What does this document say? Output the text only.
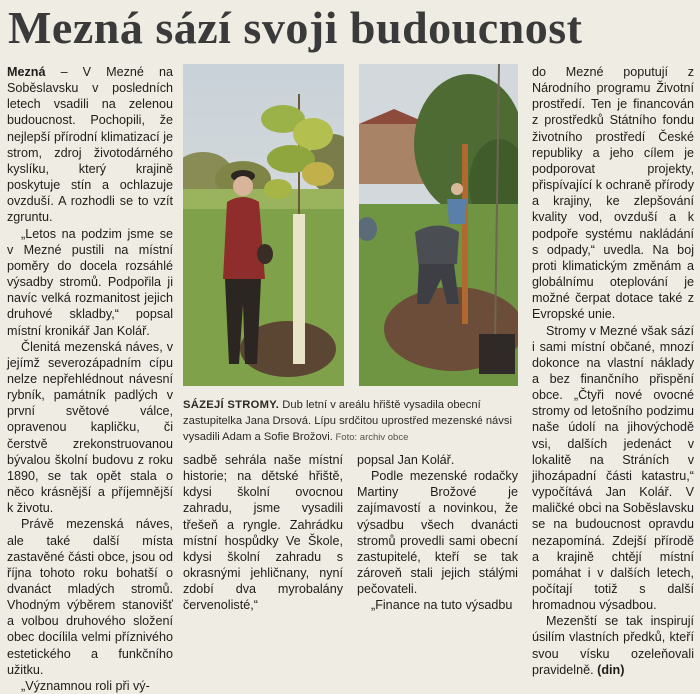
Mezná sází svoji budoucnost

Mezná – V Mezné na Soběslavsku v posledních letech vsadili na zelenou budoucnost. Pochopili, že nejlepší přírodní klimatizací je strom, zdroj životodárného kyslíku, který krajině poskytuje stín a ochlazuje ovzduší. A rozhodli se to vzít zgruntu.

„Letos na podzim jsme se v Mezné pustili na místní poměry do docela rozsáhlé výsadby stromů. Podpořila ji navíc velká rozmanitost jejich druhové skladby,“ popsal místní kronikář Jan Kolář.

Členitá mezenská náves, v jejímž severozápadním cípu nelze nepřehlédnout návesní rybník, památník padlých v první světové válce, opravenou kapličku, či čerstvě zrekonstruovanou bývalou školní budovu z roku 1890, se tak opět stala o něco krásnější a příjemnější k životu.

Právě mezenská náves, ale také další místa zastavěné části obce, jsou od října tohoto roku bohatší o dvanáct mladých stromů. Vhodným výběrem stanovišť a volbou druhového složení obec docílila velmi příznivého estetického a funkčního užitku.

„Významnou roli při vý-

SÁZEJÍ STROMY. Dub letní v areálu hřiště vysadila obecní zastupitelka Jana Drsová. Lípu srdčitou uprostřed mezenské návsi vysadili Adam a Sofie Brožovi. Foto: archiv obce

sadbě sehrála naše místní historie; na dětské hřiště, kdysi školní ovocnou zahradu, jsme vysadili třešeň a ryngle. Zahrádku místní hospůdky Ve Škole, kdysi školní zahradu s okrasnými jehličnany, nyní zdobí dva myrobalány červenolisté,“

popsal Jan Kolář.

Podle mezenské rodačky Martiny Brožové je zajímavostí a novinkou, že výsadbu všech dvanácti stromů provedli sami obecní zastupitelé, kteří se tak zároveň stali jejich stálými pečovateli.

„Finance na tuto výsadbu

do Mezné poputují z Národního programu Životní prostředí. Ten je financován z prostředků Státního fondu životního prostředí České republiky a jeho cílem je podporovat projekty, přispívající k ochraně přírody a krajiny, ke zlepšování kvality vod, ovzduší a k podpoře systému nakládání s odpady,“ uvedla. Na boj proti klimatickým změnám a globálnímu oteplování je možné čerpat dotace také z Evropské unie.

Stromy v Mezné však sází i sami místní občané, mnozí dokonce na vlastní náklady a bez finančního přispění obce. „Čtyři nové ovocné stromy od letošního podzimu naše údolí na jihovýchodě vsi, dalších jedenáct v lokalitě na Stráních v jihozápadní části katastru,“ vypočítává Jan Kolář. V maličké obci na Soběslavsku se na budoucnost opravdu nezapomíná. Zdejší přírodě a krajině chtějí místní pomáhat i v dalších letech, počítají totiž s další hromadnou výsadbou.

Mezenští se tak inspirují úsilím vlastních předků, kteří svou vísku ozeleňovali pravidelně. (din)
